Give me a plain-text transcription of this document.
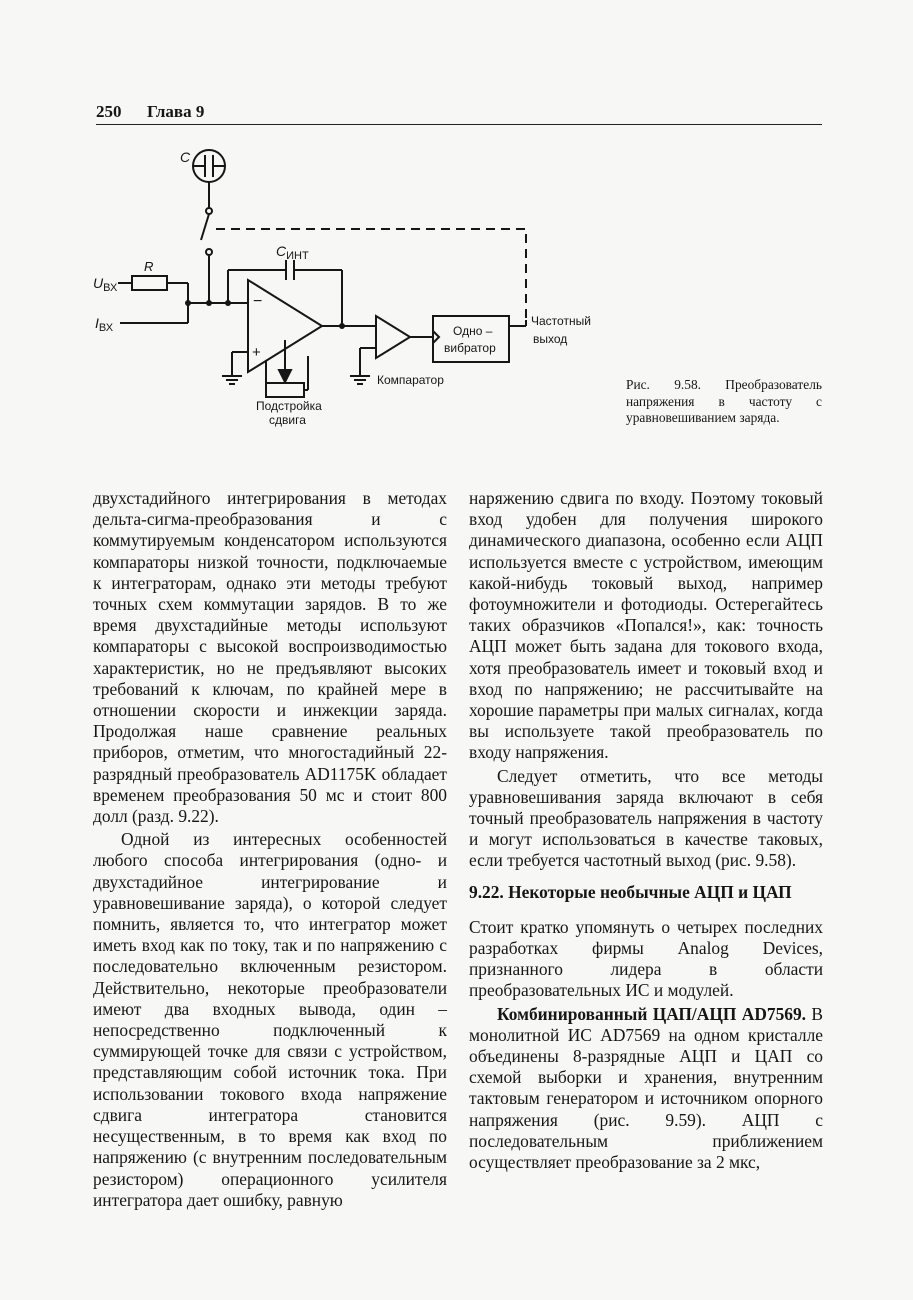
250 Глава 9
C
R
$U_{ВХ}$
$I_{ВХ}$
$C_{ИНТ}$
−
+
Подстройка
сдвига
Компаратор
Одно –
вибратор
Частотный
выход
Рис. 9.58. Преобразователь напряжения в частоту с уравновешиванием заряда.

двухстадийного интегрирования в методах дельта-сигма-преобразования и с коммутируемым конденсатором используются компараторы низкой точности, подключаемые к интеграторам, однако эти методы требуют точных схем коммутации зарядов. В то же время двухстадийные методы используют компараторы с высокой воспроизводимостью характеристик, но не предъявляют высоких требований к ключам, по крайней мере в отношении скорости и инжекции заряда. Продолжая наше сравнение реальных приборов, отметим, что многостадийный 22-разрядный преобразователь AD1175K обладает временем преобразования 50 мс и стоит 800 долл (разд. 9.22).

Одной из интересных особенностей любого способа интегрирования (одно- и двухстадийное интегрирование и уравновешивание заряда), о которой следует помнить, является то, что интегратор может иметь вход как по току, так и по напряжению с последовательно включенным резистором. Действительно, некоторые преобразователи имеют два входных вывода, один – непосредственно подключенный к суммирующей точке для связи с устройством, представляющим собой источник тока. При использовании токового входа напряжение сдвига интегратора становится несущественным, в то время как вход по напряжению (с внутренним последовательным резистором) операционного усилителя интегратора дает ошибку, равную

наряжению сдвига по входу. Поэтому токовый вход удобен для получения широкого динамического диапазона, особенно если АЦП используется вместе с устройством, имеющим какой-нибудь токовый выход, например фотоумножители и фотодиоды. Остерегайтесь таких образчиков «Попался!», как: точность АЦП может быть задана для токового входа, хотя преобразователь имеет и токовый вход и вход по напряжению; не рассчитывайте на хорошие параметры при малых сигналах, когда вы используете такой преобразователь по входу напряжения.

Следует отметить, что все методы уравновешивания заряда включают в себя точный преобразователь напряжения в частоту и могут использоваться в качестве таковых, если требуется частотный выход (рис. 9.58).

9.22. Некоторые необычные АЦП и ЦАП

Стоит кратко упомянуть о четырех последних разработках фирмы Analog Devices, признанного лидера в области преобразовательных ИС и модулей.

Комбинированный ЦАП/АЦП AD7569. В монолитной ИС AD7569 на одном кристалле объединены 8-разрядные АЦП и ЦАП со схемой выборки и хранения, внутренним тактовым генератором и источником опорного напряжения (рис. 9.59). АЦП с последовательным приближением осуществляет преобразование за 2 мкс,
